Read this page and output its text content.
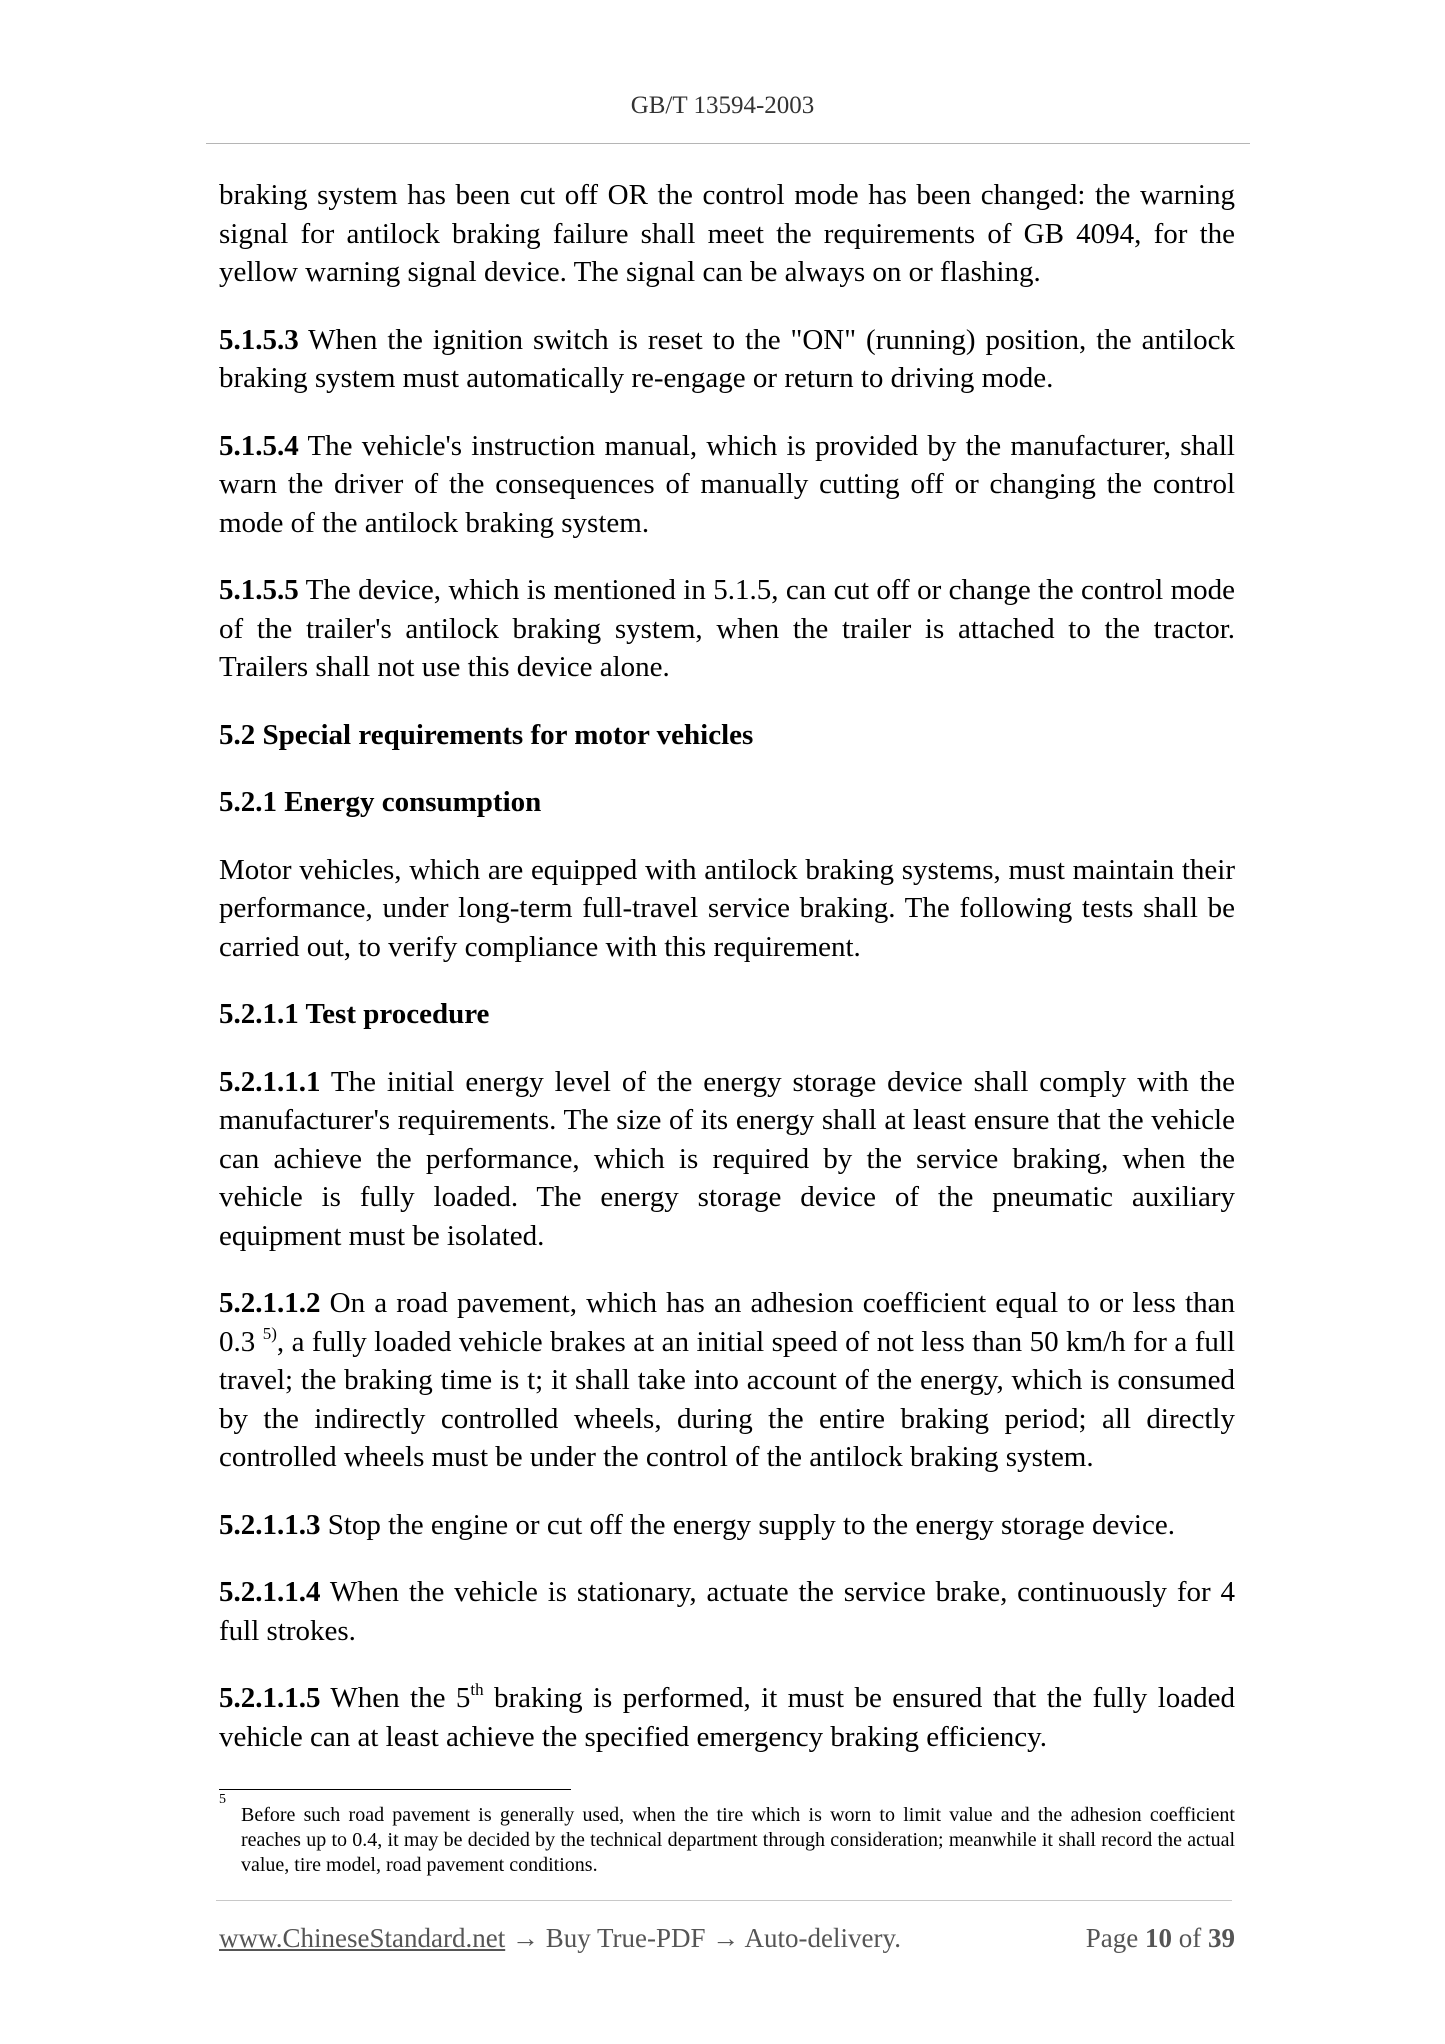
GB/T 13594-2003

braking system has been cut off OR the control mode has been changed: the warning signal for antilock braking failure shall meet the requirements of GB 4094, for the yellow warning signal device. The signal can be always on or flashing.

5.1.5.3 When the ignition switch is reset to the "ON" (running) position, the antilock braking system must automatically re-engage or return to driving mode.

5.1.5.4 The vehicle's instruction manual, which is provided by the manufacturer, shall warn the driver of the consequences of manually cutting off or changing the control mode of the antilock braking system.

5.1.5.5 The device, which is mentioned in 5.1.5, can cut off or change the control mode of the trailer's antilock braking system, when the trailer is attached to the tractor. Trailers shall not use this device alone.

5.2 Special requirements for motor vehicles

5.2.1 Energy consumption

Motor vehicles, which are equipped with antilock braking systems, must maintain their performance, under long-term full-travel service braking. The following tests shall be carried out, to verify compliance with this requirement.

5.2.1.1 Test procedure

5.2.1.1.1 The initial energy level of the energy storage device shall comply with the manufacturer's requirements. The size of its energy shall at least ensure that the vehicle can achieve the performance, which is required by the service braking, when the vehicle is fully loaded. The energy storage device of the pneumatic auxiliary equipment must be isolated.

5.2.1.1.2 On a road pavement, which has an adhesion coefficient equal to or less than 0.3 $^{5)}$, a fully loaded vehicle brakes at an initial speed of not less than 50 km/h for a full travel; the braking time is t; it shall take into account of the energy, which is consumed by the indirectly controlled wheels, during the entire braking period; all directly controlled wheels must be under the control of the antilock braking system.

5.2.1.1.3 Stop the engine or cut off the energy supply to the energy storage device.

5.2.1.1.4 When the vehicle is stationary, actuate the service brake, continuously for 4 full strokes.

5.2.1.1.5 When the 5th braking is performed, it must be ensured that the fully loaded vehicle can at least achieve the specified emergency braking efficiency.

5
Before such road pavement is generally used, when the tire which is worn to limit value and the adhesion coefficient reaches up to 0.4, it may be decided by the technical department through consideration; meanwhile it shall record the actual value, tire model, road pavement conditions.
www.ChineseStandard.net → Buy True-PDF → Auto-delivery.	Page 10 of 39
